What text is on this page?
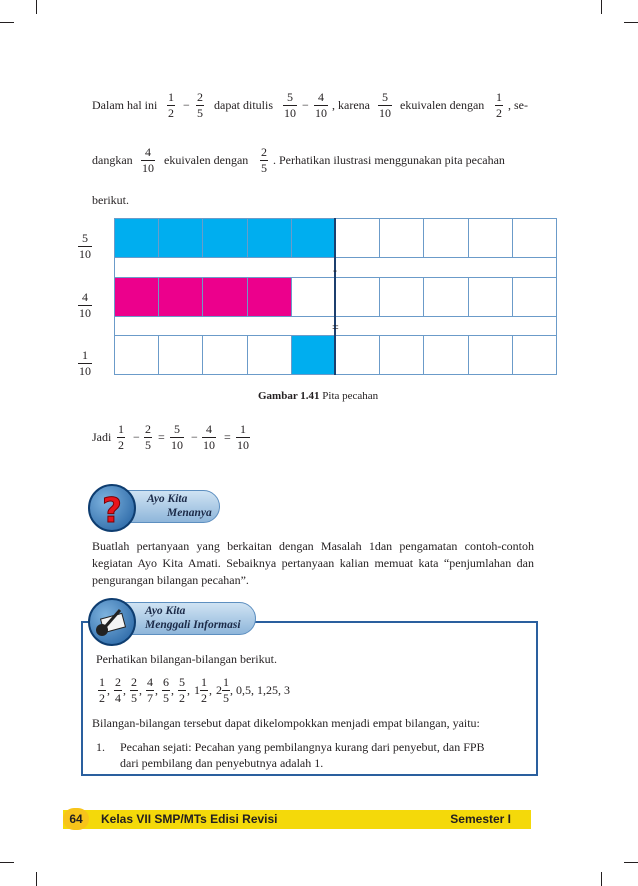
Dalam hal ini
1
2
−
2
5
dapat ditulis
5
10
−
4
10
, karena
5
10
ekuivalen dengan
1
2
, se-
dangkan
4
10
ekuivalen dengan
2
5
. Perhatikan ilustrasi menggunakan pita pecahan
berikut.
5
10
4
10
1
10
-
=
Gambar 1.41 Pita pecahan
Jadi
1
2
−
2
5
=
5
10
−
4
10
=
1
10
Ayo Kita
Menanya
?
Buatlah pertanyaan yang berkaitan dengan Masalah 1dan pengamatan contoh-contoh kegiatan Ayo Kita Amati. Sebaiknya pertanyaan kalian memuat kata “penjumlahan dan pengurangan bilangan pecahan”.
Ayo Kita
Menggali Informasi
Perhatikan bilangan-bilangan berikut.
$\frac{1}{2}$ , $\frac{2}{4}$ , $\frac{2}{5}$ , $\frac{4}{7}$ , $\frac{6}{5}$ , $\frac{5}{2}$ , $1 \frac{1}{2}$ , $2 \frac{1}{5}$ , 0,5, 1,25, 3
Bilangan-bilangan tersebut dapat dikelompokkan menjadi empat bilangan, yaitu:
1. Pecahan sejati: Pecahan yang pembilangnya kurang dari penyebut, dan FPB
dari pembilang dan penyebutnya adalah 1.
Kelas VII SMP/MTs Edisi Revisi	Semester I
64
